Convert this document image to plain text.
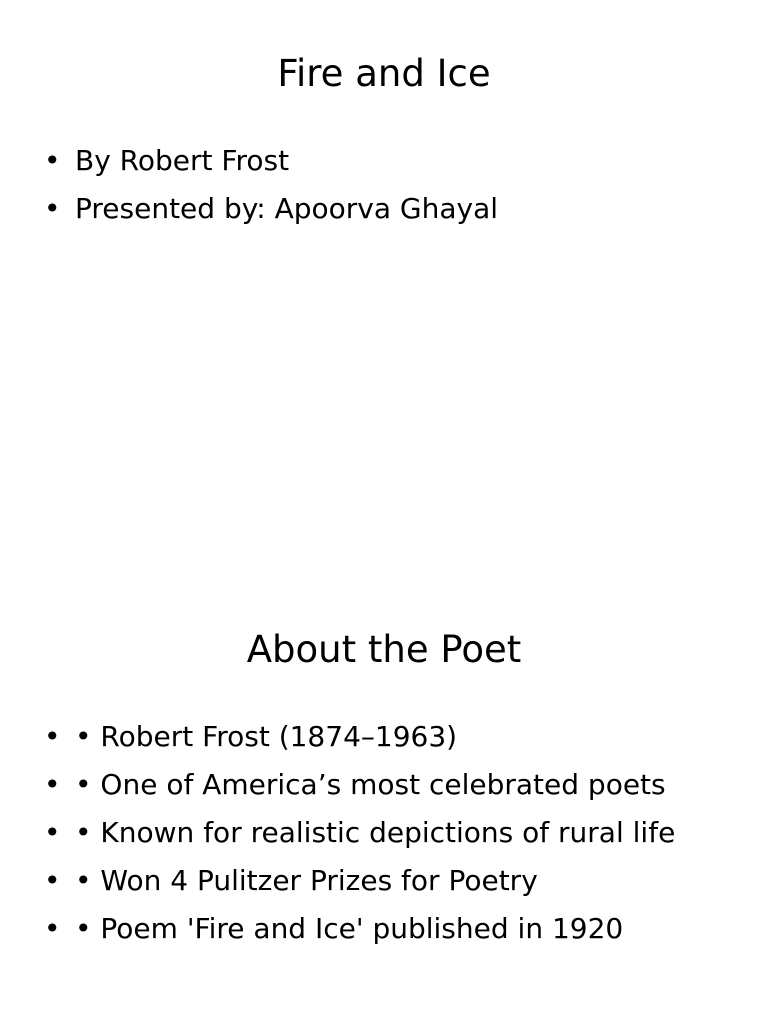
Fire and Ice
• By Robert Frost
• Presented by: Apoorva Ghayal
About the Poet
• • Robert Frost (1874–1963)
• • One of America’s most celebrated poets
• • Known for realistic depictions of rural life
• • Won 4 Pulitzer Prizes for Poetry
• • Poem 'Fire and Ice' published in 1920
